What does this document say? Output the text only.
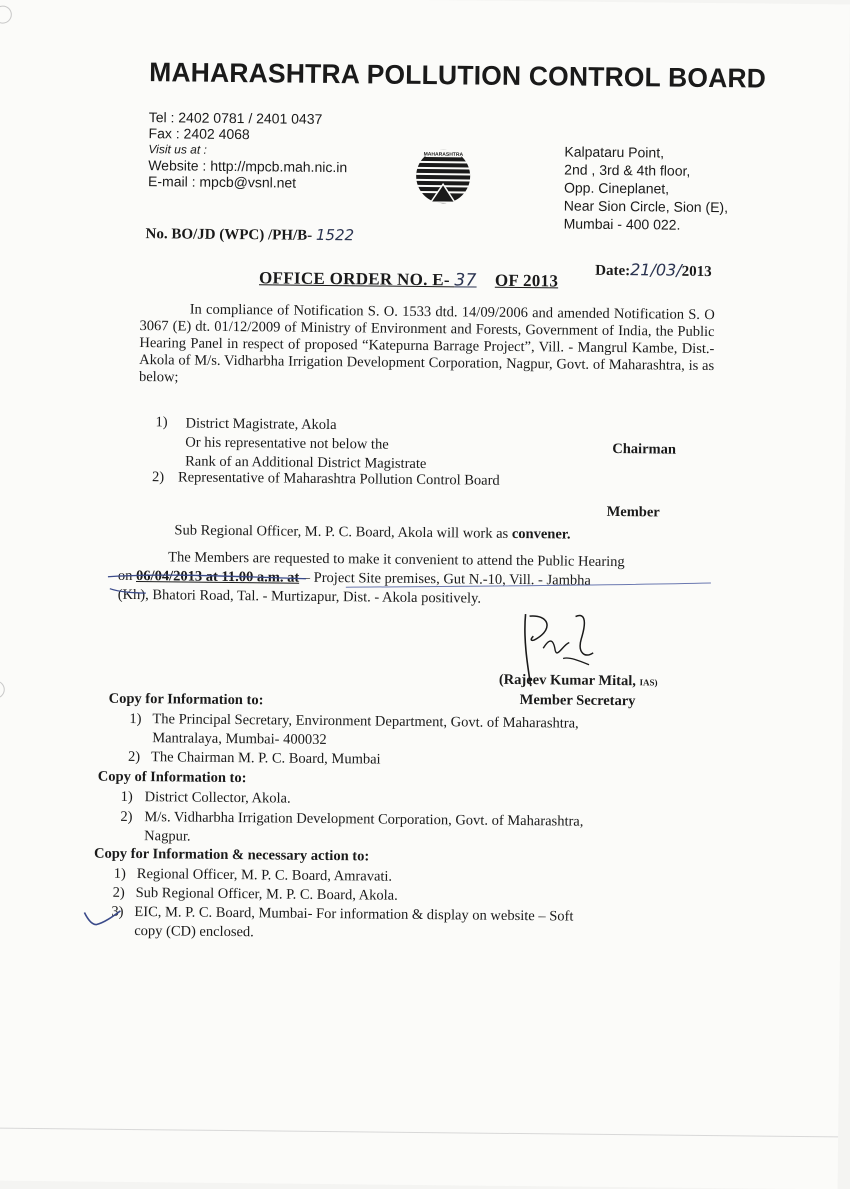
MAHARASHTRA POLLUTION CONTROL BOARD
Tel : 2402 0781 / 2401 0437
Fax : 2402 4068
Visit us at :
Website : http://mpcb.mah.nic.in
E-mail : mpcb@vsnl.net
MAHARASHTRA	Kalpataru Point,
2nd , 3rd & 4th floor,
Opp. Cineplanet,
Near Sion Circle, Sion (E),
Mumbai - 400 022.
No. BO/JD (WPC) /PH/B- 1522
Date:21/03/2013
OFFICE ORDER NO. E- 37 OF 2013
In compliance of Notification S. O. 1533 dtd. 14/09/2006 and amended Notification S. O 3067 (E) dt. 01/12/2009 of Ministry of Environment and Forests, Government of India, the Public Hearing Panel in respect of proposed “Katepurna Barrage Project”, Vill. - Mangrul Kambe, Dist.- Akola of M/s. Vidharbha Irrigation Development Corporation, Nagpur, Govt. of Maharashtra, is as below;
1) District Magistrate, Akola
Or his representative not below the
Rank of an Additional District Magistrate
Chairman
2) Representative of Maharashtra Pollution Control Board
Member
Sub Regional Officer, M. P. C. Board, Akola will work as convener.
The Members are requested to make it convenient to attend the Public Hearing
on 06/04/2013 at 11.00 a.m. at – Project Site premises, Gut N.-10, Vill. - Jambha
(Kh), Bhatori Road, Tal. - Murtizapur, Dist. - Akola positively.
(Rajeev Kumar Mital, IAS)
Member Secretary
Copy for Information to:
1) The Principal Secretary, Environment Department, Govt. of Maharashtra,
Mantralaya, Mumbai- 400032
2) The Chairman M. P. C. Board, Mumbai
Copy of Information to:
1) District Collector, Akola.
2) M/s. Vidharbha Irrigation Development Corporation, Govt. of Maharashtra,
Nagpur.
Copy for Information & necessary action to:
1) Regional Officer, M. P. C. Board, Amravati.
2) Sub Regional Officer, M. P. C. Board, Akola.
3) EIC, M. P. C. Board, Mumbai- For information & display on website – Soft
copy (CD) enclosed.
